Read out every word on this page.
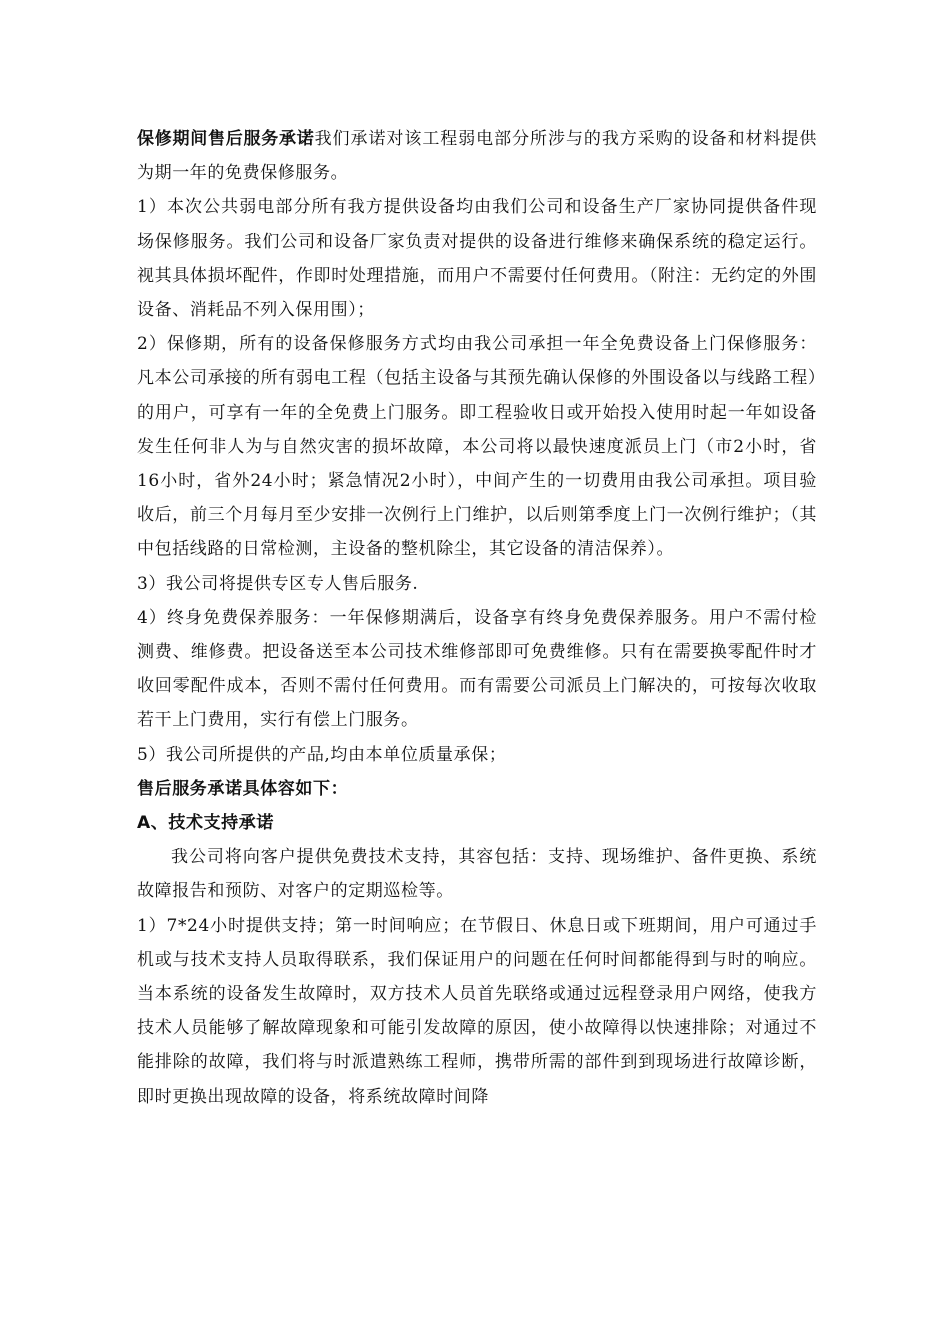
保修期间售后服务承诺我们承诺对该工程弱电部分所涉与的我方采购的设备和材料提供为期一年的免费保修服务。

1）本次公共弱电部分所有我方提供设备均由我们公司和设备生产厂家协同提供备件现场保修服务。我们公司和设备厂家负责对提供的设备进行维修来确保系统的稳定运行。视其具体损坏配件，作即时处理措施，而用户不需要付任何费用。（附注：无约定的外围设备、消耗品不列入保用围）；

2）保修期，所有的设备保修服务方式均由我公司承担一年全免费设备上门保修服务：凡本公司承接的所有弱电工程（包括主设备与其预先确认保修的外围设备以与线路工程）的用户，可享有一年的全免费上门服务。即工程验收日或开始投入使用时起一年如设备发生任何非人为与自然灾害的损坏故障，本公司将以最快速度派员上门（市2小时，省16小时，省外24小时；紧急情况2小时），中间产生的一切费用由我公司承担。项目验收后，前三个月每月至少安排一次例行上门维护，以后则第季度上门一次例行维护；（其中包括线路的日常检测，主设备的整机除尘，其它设备的清洁保养）。

3）我公司将提供专区专人售后服务.

4）终身免费保养服务：一年保修期满后，设备享有终身免费保养服务。用户不需付检测费、维修费。把设备送至本公司技术维修部即可免费维修。只有在需要换零配件时才收回零配件成本，否则不需付任何费用。而有需要公司派员上门解决的，可按每次收取若干上门费用，实行有偿上门服务。

5）我公司所提供的产品,均由本单位质量承保；

售后服务承诺具体容如下：

A、技术支持承诺

我公司将向客户提供免费技术支持，其容包括：支持、现场维护、备件更换、系统故障报告和预防、对客户的定期巡检等。

1）7*24小时提供支持；第一时间响应；在节假日、休息日或下班期间，用户可通过手机或与技术支持人员取得联系，我们保证用户的问题在任何时间都能得到与时的响应。当本系统的设备发生故障时，双方技术人员首先联络或通过远程登录用户网络，使我方技术人员能够了解故障现象和可能引发故障的原因，使小故障得以快速排除；对通过不能排除的故障，我们将与时派遣熟练工程师，携带所需的部件到到现场进行故障诊断，即时更换出现故障的设备，将系统故障时间降
